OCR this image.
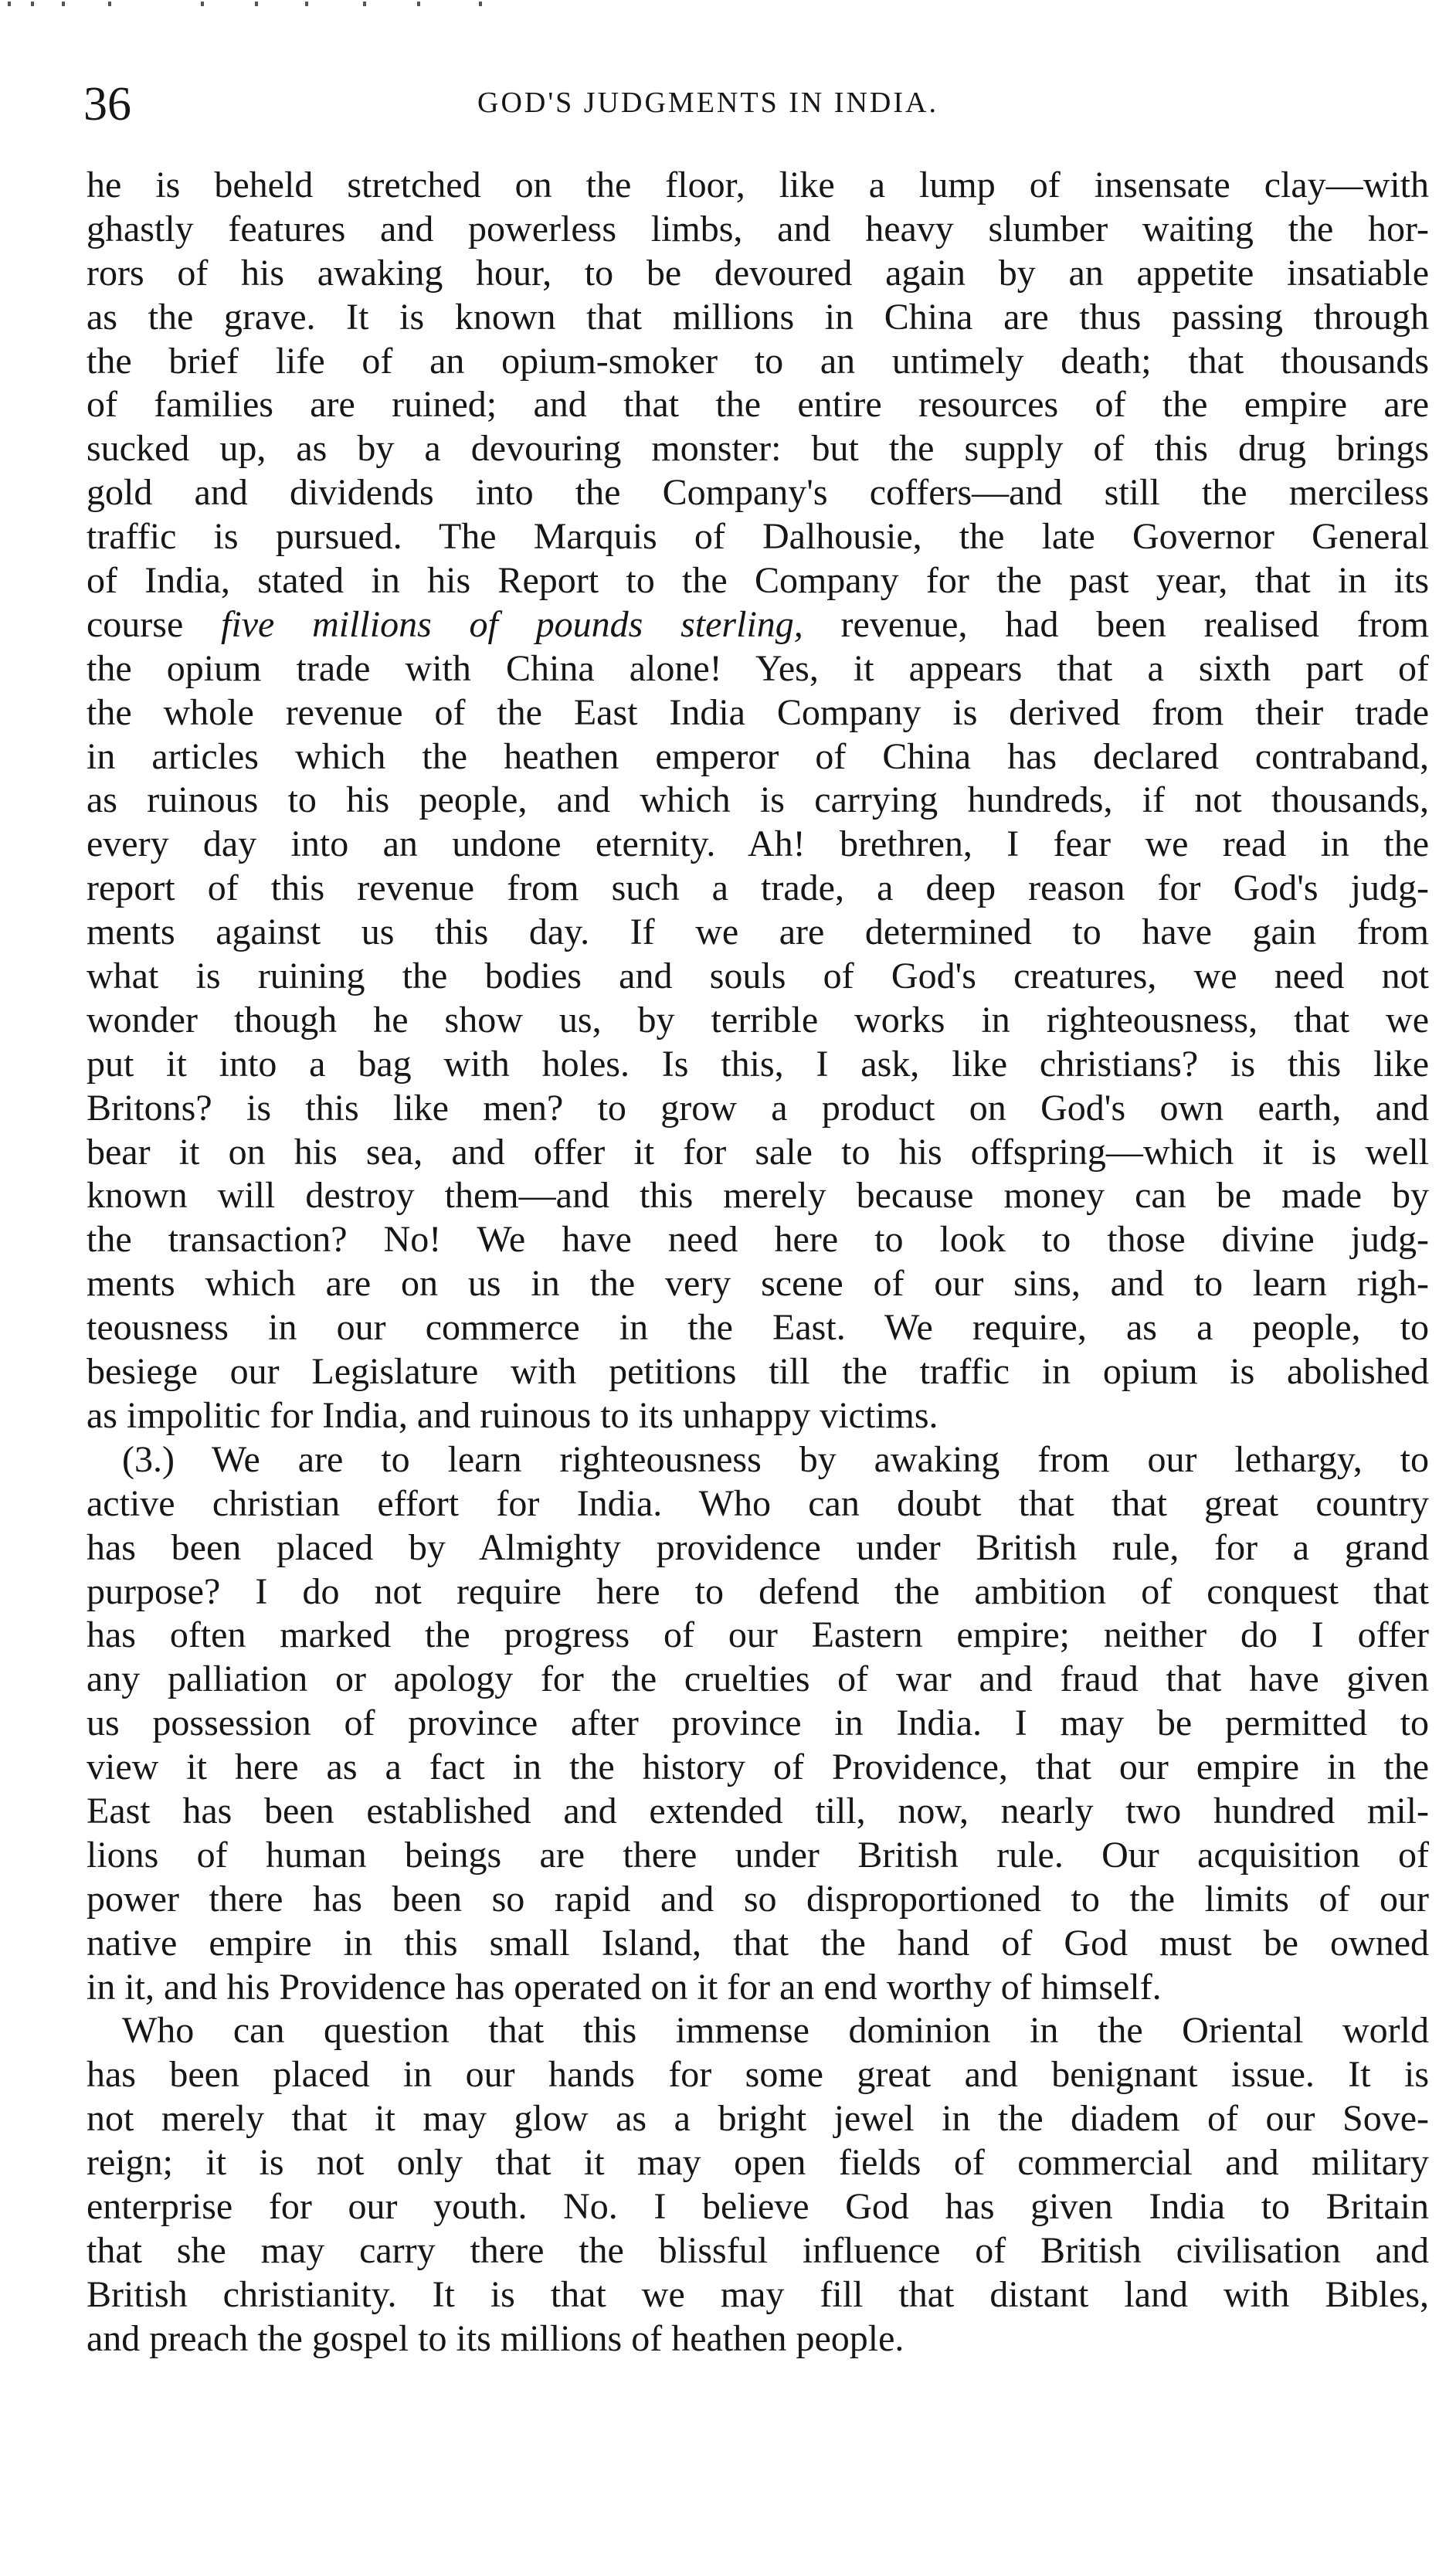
36	GOD'S JUDGMENTS IN INDIA.
he is beheld stretched on the floor, like a lump of insensate clay—with
ghastly features and powerless limbs, and heavy slumber waiting the hor-
rors of his awaking hour, to be devoured again by an appetite insatiable
as the grave. It is known that millions in China are thus passing through
the brief life of an opium-smoker to an untimely death; that thousands
of families are ruined; and that the entire resources of the empire are
sucked up, as by a devouring monster: but the supply of this drug brings
gold and dividends into the Company's coffers—and still the merciless
traffic is pursued. The Marquis of Dalhousie, the late Governor General
of India, stated in his Report to the Company for the past year, that in its
course five millions of pounds sterling, revenue, had been realised from
the opium trade with China alone! Yes, it appears that a sixth part of
the whole revenue of the East India Company is derived from their trade
in articles which the heathen emperor of China has declared contraband,
as ruinous to his people, and which is carrying hundreds, if not thousands,
every day into an undone eternity. Ah! brethren, I fear we read in the
report of this revenue from such a trade, a deep reason for God's judg-
ments against us this day. If we are determined to have gain from
what is ruining the bodies and souls of God's creatures, we need not
wonder though he show us, by terrible works in righteousness, that we
put it into a bag with holes. Is this, I ask, like christians? is this like
Britons? is this like men? to grow a product on God's own earth, and
bear it on his sea, and offer it for sale to his offspring—which it is well
known will destroy them—and this merely because money can be made by
the transaction? No! We have need here to look to those divine judg-
ments which are on us in the very scene of our sins, and to learn righ-
teousness in our commerce in the East. We require, as a people, to
besiege our Legislature with petitions till the traffic in opium is abolished
as impolitic for India, and ruinous to its unhappy victims.
(3.) We are to learn righteousness by awaking from our lethargy, to
active christian effort for India. Who can doubt that that great country
has been placed by Almighty providence under British rule, for a grand
purpose? I do not require here to defend the ambition of conquest that
has often marked the progress of our Eastern empire; neither do I offer
any palliation or apology for the cruelties of war and fraud that have given
us possession of province after province in India. I may be permitted to
view it here as a fact in the history of Providence, that our empire in the
East has been established and extended till, now, nearly two hundred mil-
lions of human beings are there under British rule. Our acquisition of
power there has been so rapid and so disproportioned to the limits of our
native empire in this small Island, that the hand of God must be owned
in it, and his Providence has operated on it for an end worthy of himself.
Who can question that this immense dominion in the Oriental world
has been placed in our hands for some great and benignant issue. It is
not merely that it may glow as a bright jewel in the diadem of our Sove-
reign; it is not only that it may open fields of commercial and military
enterprise for our youth. No. I believe God has given India to Britain
that she may carry there the blissful influence of British civilisation and
British christianity. It is that we may fill that distant land with Bibles,
and preach the gospel to its millions of heathen people.
